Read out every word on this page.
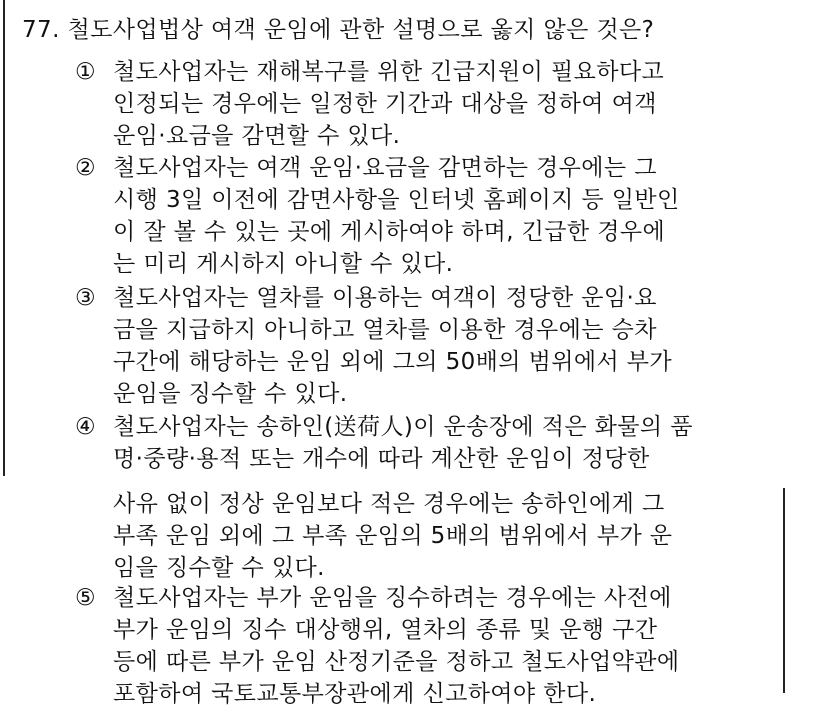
77. 철도사업법상 여객 운임에 관한 설명으로 옳지 않은 것은?
① 철도사업자는 재해복구를 위한 긴급지원이 필요하다고
인정되는 경우에는 일정한 기간과 대상을 정하여 여객
운임·요금을 감면할 수 있다.
② 철도사업자는 여객 운임·요금을 감면하는 경우에는 그
시행 3일 이전에 감면사항을 인터넷 홈페이지 등 일반인
이 잘 볼 수 있는 곳에 게시하여야 하며, 긴급한 경우에
는 미리 게시하지 아니할 수 있다.
③ 철도사업자는 열차를 이용하는 여객이 정당한 운임·요
금을 지급하지 아니하고 열차를 이용한 경우에는 승차
구간에 해당하는 운임 외에 그의 50배의 범위에서 부가
운임을 징수할 수 있다.
④ 철도사업자는 송하인(送荷人)이 운송장에 적은 화물의 품
명·중량·용적 또는 개수에 따라 계산한 운임이 정당한
사유 없이 정상 운임보다 적은 경우에는 송하인에게 그
부족 운임 외에 그 부족 운임의 5배의 범위에서 부가 운
임을 징수할 수 있다.
⑤ 철도사업자는 부가 운임을 징수하려는 경우에는 사전에
부가 운임의 징수 대상행위, 열차의 종류 및 운행 구간
등에 따른 부가 운임 산정기준을 정하고 철도사업약관에
포함하여 국토교통부장관에게 신고하여야 한다.
